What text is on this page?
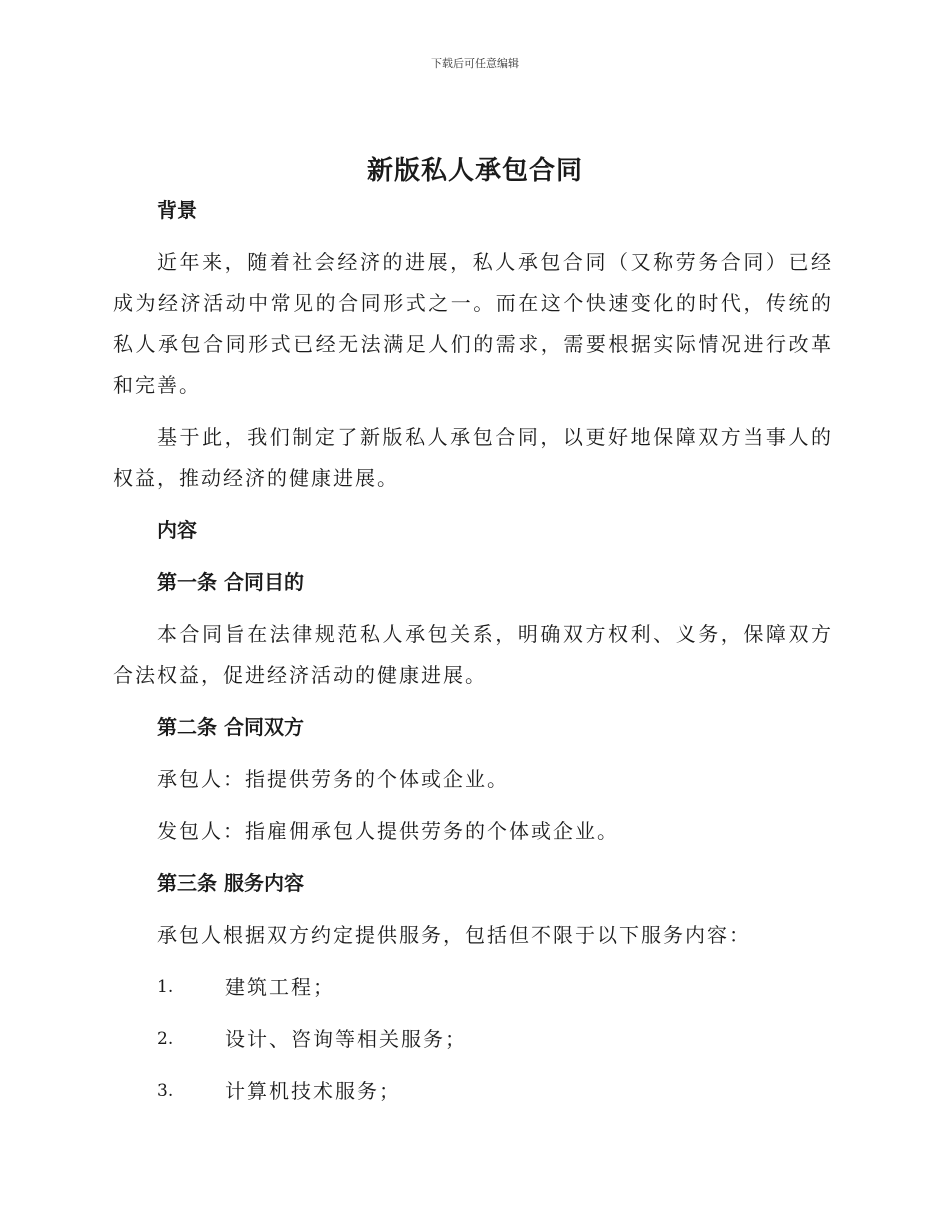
下载后可任意编辑
新版私人承包合同
背景

近年来，随着社会经济的进展，私人承包合同（又称劳务合同）已经成为经济活动中常见的合同形式之一。而在这个快速变化的时代，传统的私人承包合同形式已经无法满足人们的需求，需要根据实际情况进行改革和完善。

基于此，我们制定了新版私人承包合同，以更好地保障双方当事人的权益，推动经济的健康进展。

内容
第一条 合同目的

本合同旨在法律规范私人承包关系，明确双方权利、义务，保障双方合法权益，促进经济活动的健康进展。

第二条 合同双方

承包人：指提供劳务的个体或企业。

发包人：指雇佣承包人提供劳务的个体或企业。

第三条 服务内容

承包人根据双方约定提供服务，包括但不限于以下服务内容：

1.	建筑工程；
2.	设计、咨询等相关服务；
3.	计算机技术服务；
